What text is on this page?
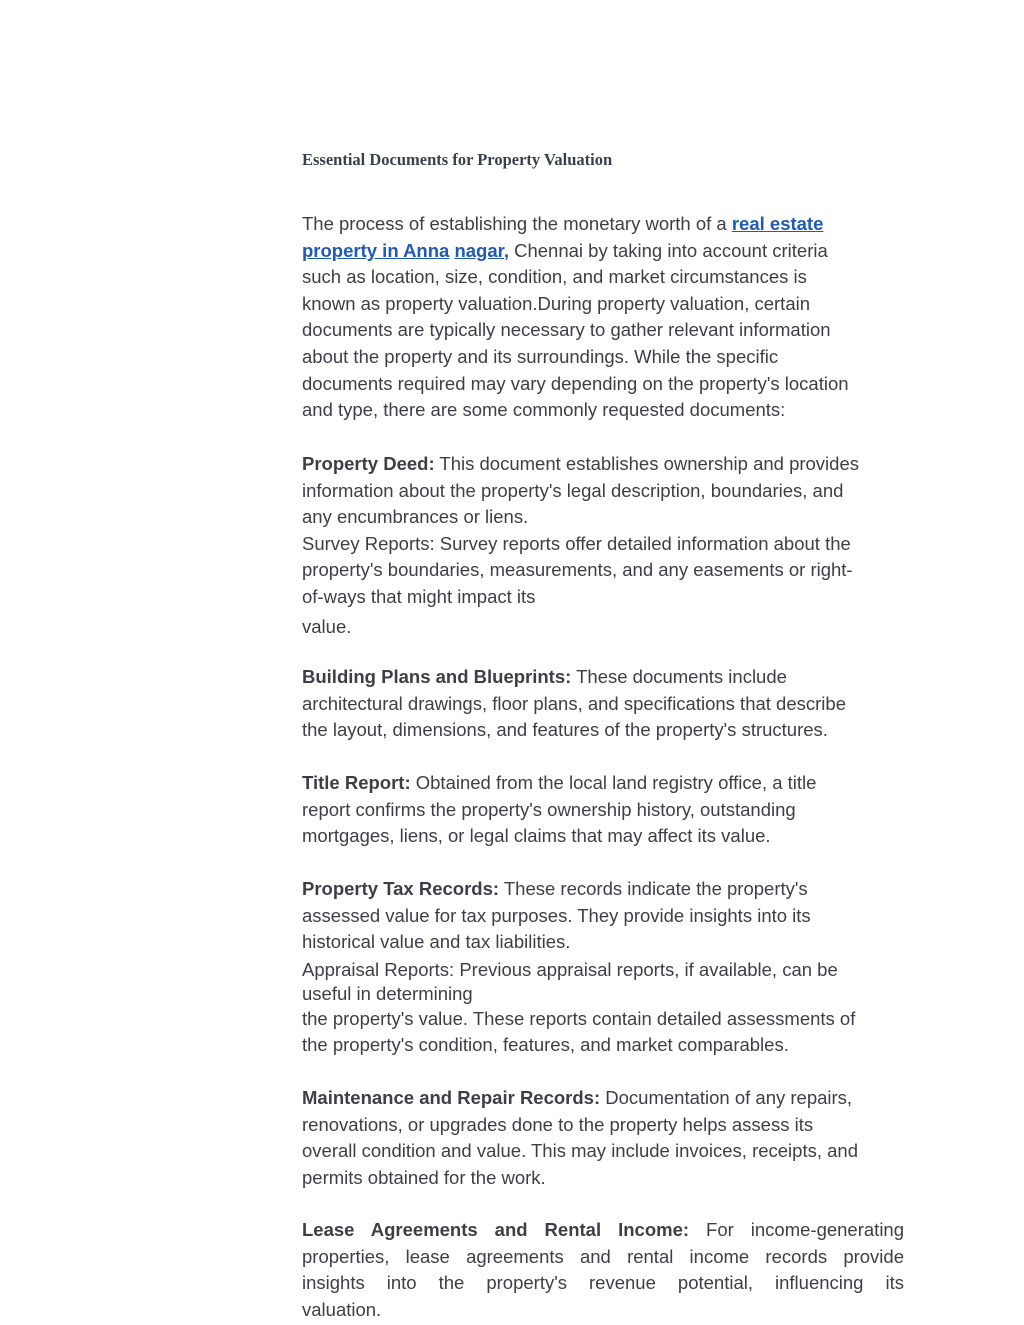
Essential Documents for Property Valuation
The process of establishing the monetary worth of a real estate
property in Anna nagar, Chennai by taking into account criteria
such as location, size, condition, and market circumstances is
known as property valuation.During property valuation, certain
documents are typically necessary to gather relevant information
about the property and its surroundings. While the specific
documents required may vary depending on the property's location
and type, there are some commonly requested documents:
Property Deed: This document establishes ownership and provides
information about the property's legal description, boundaries, and
any encumbrances or liens.
Survey Reports: Survey reports offer detailed information about the
property's boundaries, measurements, and any easements or right-
of-ways that might impact its
value.
Building Plans and Blueprints: These documents include
architectural drawings, floor plans, and specifications that describe
the layout, dimensions, and features of the property's structures.
Title Report: Obtained from the local land registry office, a title
report confirms the property's ownership history, outstanding
mortgages, liens, or legal claims that may affect its value.
Property Tax Records: These records indicate the property's
assessed value for tax purposes. They provide insights into its
historical value and tax liabilities.
Appraisal Reports: Previous appraisal reports, if available, can be
useful in determining
the property's value. These reports contain detailed assessments of
the property's condition, features, and market comparables.
Maintenance and Repair Records: Documentation of any repairs,
renovations, or upgrades done to the property helps assess its
overall condition and value. This may include invoices, receipts, and
permits obtained for the work.
Lease Agreements and Rental Income: For income-generating
properties, lease agreements and rental income records provide
insights into the property's revenue potential, influencing its
valuation.
